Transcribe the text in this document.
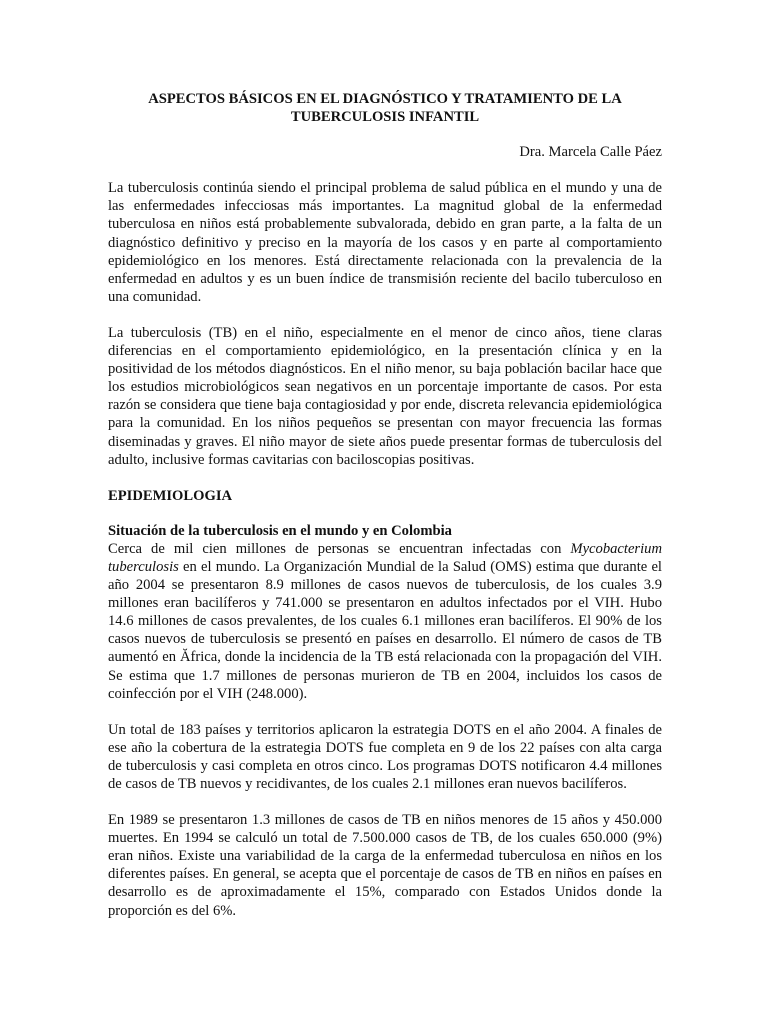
ASPECTOS BÁSICOS EN EL DIAGNÓSTICO Y TRATAMIENTO DE LA
TUBERCULOSIS INFANTIL

Dra. Marcela Calle Páez

La tuberculosis continúa siendo el principal problema de salud pública en el mundo y una de las enfermedades infecciosas más importantes. La magnitud global de la enfermedad tuberculosa en niños está probablemente subvalorada, debido en gran parte, a la falta de un diagnóstico definitivo y preciso en la mayoría de los casos y en parte al comportamiento epidemiológico en los menores. Está directamente relacionada con la prevalencia de la enfermedad en adultos y es un buen índice de transmisión reciente del bacilo tuberculoso en una comunidad.

La tuberculosis (TB) en el niño, especialmente en el menor de cinco años, tiene claras diferencias en el comportamiento epidemiológico, en la presentación clínica y en la positividad de los métodos diagnósticos. En el niño menor, su baja población bacilar hace que los estudios microbiológicos sean negativos en un porcentaje importante de casos. Por esta razón se considera que tiene baja contagiosidad y por ende, discreta relevancia epidemiológica para la comunidad. En los niños pequeños se presentan con mayor frecuencia las formas diseminadas y graves. El niño mayor de siete años puede presentar formas de tuberculosis del adulto, inclusive formas cavitarias con baciloscopias positivas.

EPIDEMIOLOGIA

Situación de la tuberculosis en el mundo y en Colombia

Cerca de mil cien millones de personas se encuentran infectadas con Mycobacterium tuberculosis en el mundo. La Organización Mundial de la Salud (OMS) estima que durante el año 2004 se presentaron 8.9 millones de casos nuevos de tuberculosis, de los cuales 3.9 millones eran bacilíferos y 741.000 se presentaron en adultos infectados por el VIH. Hubo 14.6 millones de casos prevalentes, de los cuales 6.1 millones eran bacilíferos. El 90% de los casos nuevos de tuberculosis se presentó en países en desarrollo. El número de casos de TB aumentó en Ăfrica, donde la incidencia de la TB está relacionada con la propagación del VIH. Se estima que 1.7 millones de personas murieron de TB en 2004, incluidos los casos de coinfección por el VIH (248.000).

Un total de 183 países y territorios aplicaron la estrategia DOTS en el año 2004. A finales de ese año la cobertura de la estrategia DOTS fue completa en 9 de los 22 países con alta carga de tuberculosis y casi completa en otros cinco. Los programas DOTS notificaron 4.4 millones de casos de TB nuevos y recidivantes, de los cuales 2.1 millones eran nuevos bacilíferos.

En 1989 se presentaron 1.3 millones de casos de TB en niños menores de 15 años y 450.000 muertes. En 1994 se calculó un total de 7.500.000 casos de TB, de los cuales 650.000 (9%) eran niños. Existe una variabilidad de la carga de la enfermedad tuberculosa en niños en los diferentes países. En general, se acepta que el porcentaje de casos de TB en niños en países en desarrollo es de aproximadamente el 15%, comparado con Estados Unidos donde la proporción es del 6%.
